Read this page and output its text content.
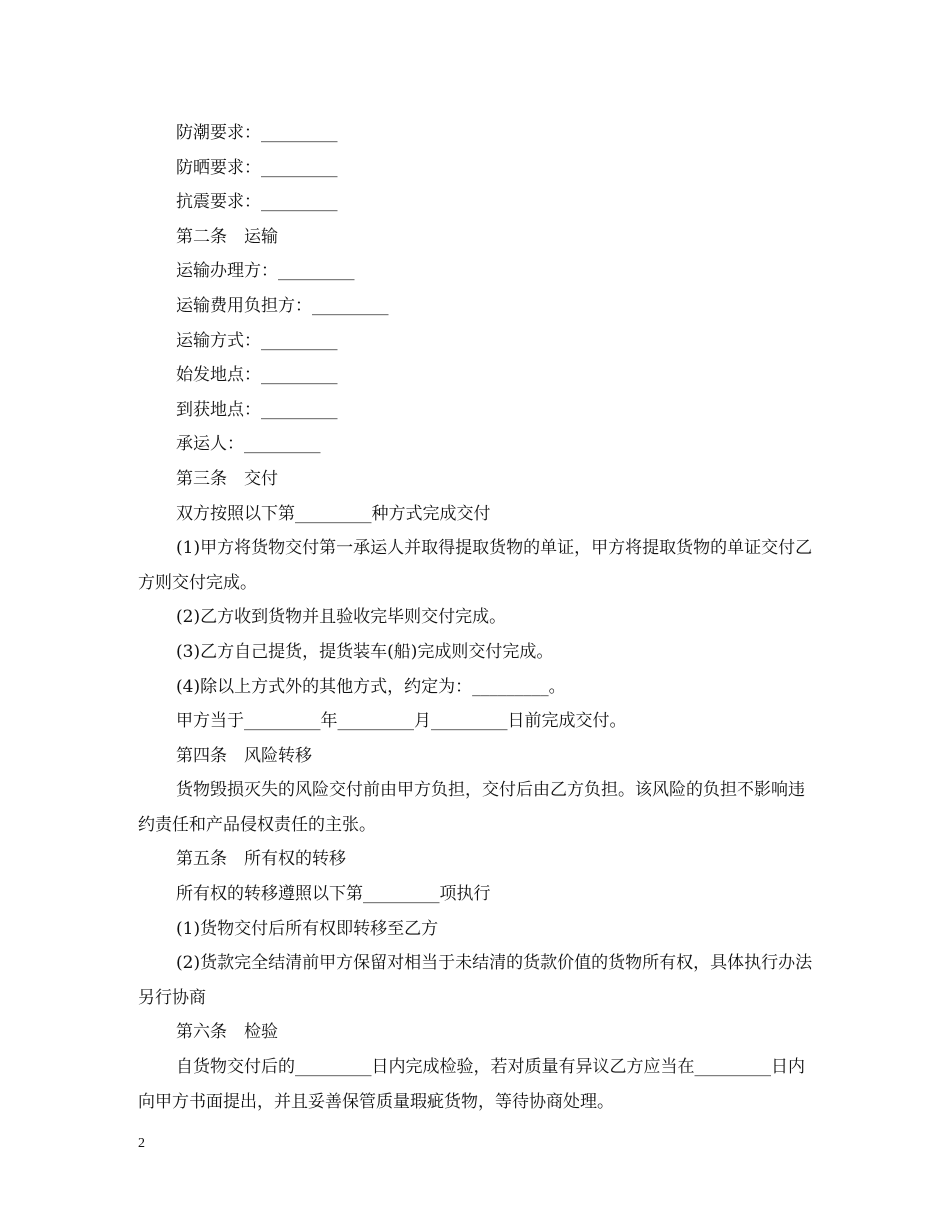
防潮要求：_________

防晒要求：_________

抗震要求：_________

第二条　运输

运输办理方：_________

运输费用负担方：_________

运输方式：_________

始发地点：_________

到获地点：_________

承运人：_________

第三条　交付

双方按照以下第_________种方式完成交付

(1)甲方将货物交付第一承运人并取得提取货物的单证，甲方将提取货物的单证交付乙方则交付完成。

(2)乙方收到货物并且验收完毕则交付完成。

(3)乙方自己提货，提货装车(船)完成则交付完成。

(4)除以上方式外的其他方式，约定为：_________。

甲方当于_________年_________月_________日前完成交付。

第四条　风险转移

货物毁损灭失的风险交付前由甲方负担，交付后由乙方负担。该风险的负担不影响违约责任和产品侵权责任的主张。

第五条　所有权的转移

所有权的转移遵照以下第_________项执行

(1)货物交付后所有权即转移至乙方

(2)货款完全结清前甲方保留对相当于未结清的货款价值的货物所有权，具体执行办法另行协商

第六条　检验

自货物交付后的_________日内完成检验，若对质量有异议乙方应当在_________日内向甲方书面提出，并且妥善保管质量瑕疵货物，等待协商处理。

2
